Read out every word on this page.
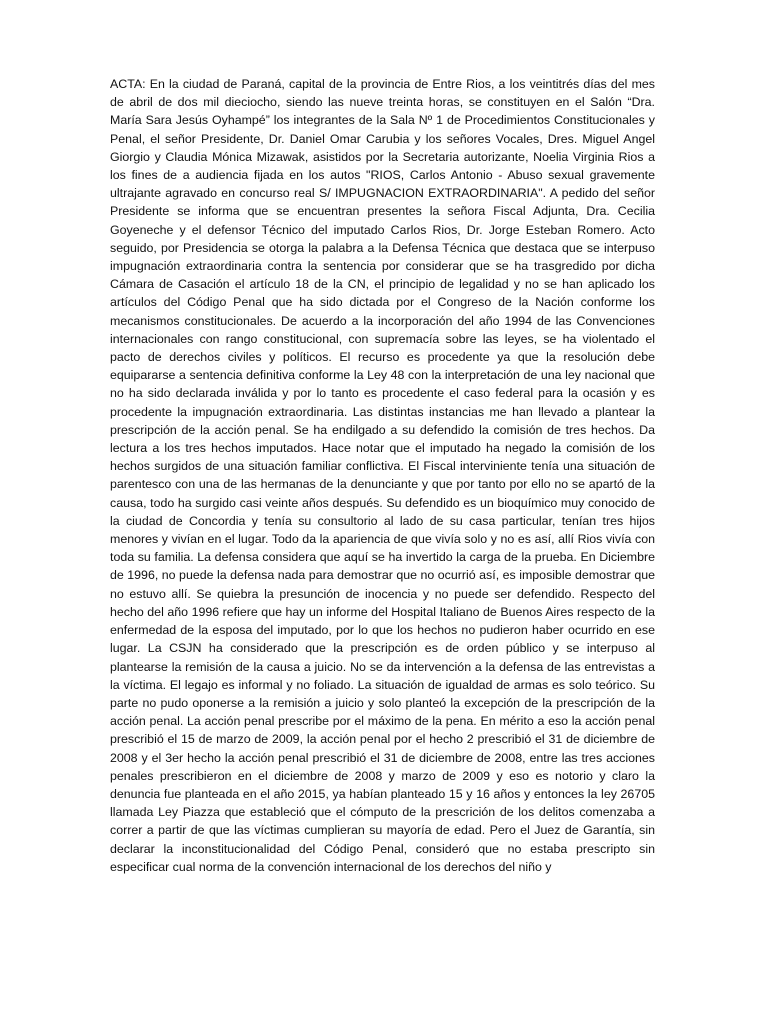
ACTA: En la ciudad de Paraná, capital de la provincia de Entre Rios, a los veintitrés días del mes de abril de dos mil dieciocho, siendo las nueve treinta horas, se constituyen en el Salón “Dra. María Sara Jesús Oyhampé” los integrantes de la Sala Nº 1 de Procedimientos Constitucionales y Penal, el señor Presidente, Dr. Daniel Omar Carubia y los señores Vocales, Dres. Miguel Angel Giorgio y Claudia Mónica Mizawak, asistidos por la Secretaria autorizante, Noelia Virginia Rios a los fines de a audiencia fijada en los autos "RIOS, Carlos Antonio - Abuso sexual gravemente ultrajante agravado en concurso real S/ IMPUGNACION EXTRAORDINARIA". A pedido del señor Presidente se informa que se encuentran presentes la señora Fiscal Adjunta, Dra. Cecilia Goyeneche y el defensor Técnico del imputado Carlos Rios, Dr. Jorge Esteban Romero. Acto seguido, por Presidencia se otorga la palabra a la Defensa Técnica que destaca que se interpuso impugnación extraordinaria contra la sentencia por considerar que se ha trasgredido por dicha Cámara de Casación el artículo 18 de la CN, el principio de legalidad y no se han aplicado los artículos del Código Penal que ha sido dictada por el Congreso de la Nación conforme los mecanismos constitucionales. De acuerdo a la incorporación del año 1994 de las Convenciones internacionales con rango constitucional, con supremacía sobre las leyes, se ha violentado el pacto de derechos civiles y políticos. El recurso es procedente ya que la resolución debe equipararse a sentencia definitiva conforme la Ley 48 con la interpretación de una ley nacional que no ha sido declarada inválida y por lo tanto es procedente el caso federal para la ocasión y es procedente la impugnación extraordinaria. Las distintas instancias me han llevado a plantear la prescripción de la acción penal. Se ha endilgado a su defendido la comisión de tres hechos. Da lectura a los tres hechos imputados. Hace notar que el imputado ha negado la comisión de los hechos surgidos de una situación familiar conflictiva. El Fiscal interviniente tenía una situación de parentesco con una de las hermanas de la denunciante y que por tanto por ello no se apartó de la causa, todo ha surgido casi veinte años después. Su defendido es un bioquímico muy conocido de la ciudad de Concordia y tenía su consultorio al lado de su casa particular, tenían tres hijos menores y vivían en el lugar. Todo da la apariencia de que vivía solo y no es así, allí Rios vivía con toda su familia. La defensa considera que aquí se ha invertido la carga de la prueba. En Diciembre de 1996, no puede la defensa nada para demostrar que no ocurrió así, es imposible demostrar que no estuvo allí. Se quiebra la presunción de inocencia y no puede ser defendido. Respecto del hecho del año 1996 refiere que hay un informe del Hospital Italiano de Buenos Aires respecto de la enfermedad de la esposa del imputado, por lo que los hechos no pudieron haber ocurrido en ese lugar. La CSJN ha considerado que la prescripción es de orden público y se interpuso al plantearse la remisión de la causa a juicio. No se da intervención a la defensa de las entrevistas a la víctima. El legajo es informal y no foliado. La situación de igualdad de armas es solo teórico. Su parte no pudo oponerse a la remisión a juicio y solo planteó la excepción de la prescripción de la acción penal. La acción penal prescribe por el máximo de la pena. En mérito a eso la acción penal prescribió el 15 de marzo de 2009, la acción penal por el hecho 2 prescribió el 31 de diciembre de 2008 y el 3er hecho la acción penal prescribió el 31 de diciembre de 2008, entre las tres acciones penales prescribieron en el diciembre de 2008 y marzo de 2009 y eso es notorio y claro la denuncia fue planteada en el año 2015, ya habían planteado 15 y 16 años y entonces la ley 26705 llamada Ley Piazza que estableció que el cómputo de la prescrición de los delitos comenzaba a correr a partir de que las víctimas cumplieran su mayoría de edad. Pero el Juez de Garantía, sin declarar la inconstitucionalidad del Código Penal, consideró que no estaba prescripto sin especificar cual norma de la convención internacional de los derechos del niño y
